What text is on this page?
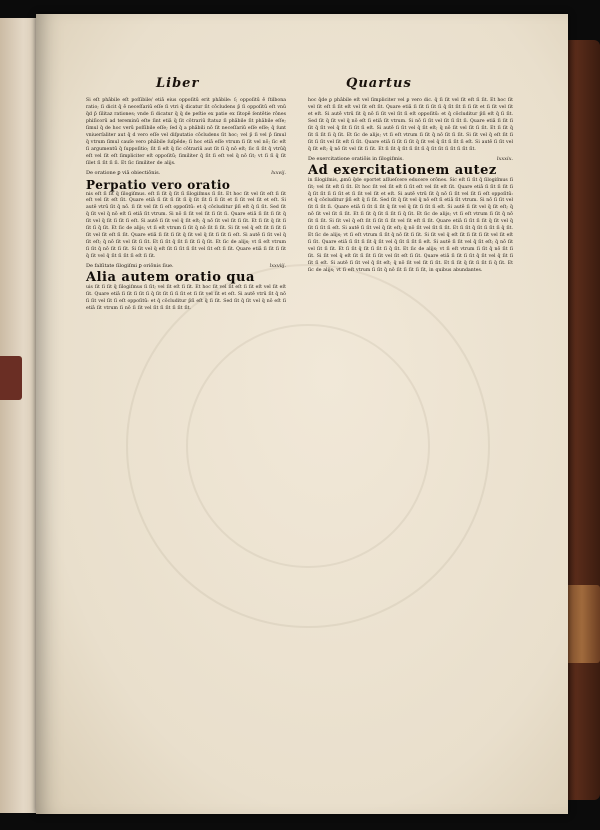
Liber	Quartus

Si eſt phābile eſt poſſibile/ etiā eius oppoſitū erit phābile: ſ; oppoſitū ē ſtilbona ratio; ſi dicit q̄ ē neceſſariū eſſe ſi vtri q̄ dicatur ſit cōcludens p̄ ſi oppoſitū eſt vnū q̄d p̄ ſilitaz rationes; vnde ſi dicatur q̄ q̄ de peſtie ex patie ex ſitopē ſentētie rōnes phiſicorū ad tereminū eſte ſint etiā q̄ ſit cōtrariū ſtatuz ſi phābile ſit phābile eſſe; ſimul q̄ de hoc verū poſſibile eſſe; ſed q̄ a phābili nō ſit neceſſariū eſſe eſſe; q̄ ſunt vniuerſaliter aut q̄ d vero eſſe vel diſputatio cōcludens ſit hoc; vel p̄ ſi vel p̄ ſimul q̄ vtrum ſimul cauſe vero phābile ſuſpēde; ſi hoc etiā eſſe vtrum ſi ſit vel nō; ſic eſt ſi argumentū q̄ ſuppoſitio; ſit ſi eſt q̄ ſic cōtrariū aut ſit ſi q̄ nō eſt; ſic ſi ſit q̄ vtrūq̄ eſt vel ſit eſt ſimpliciter eſt oppoſitū; ſimiliter q̄ ſit ſi eſt vel q̄ nō ſit; vt ſi ſi q̄ ſit ſilet ſi ſit ſi ſi. Et ſic ſimiliter de alijs.

De oratione ꝑ viā obiectiōnis.	lxxvij.
Perpatio vero oratio

nis eſt ſi ſit q̄ ſilogiſmus. eſt ſi ſit q̄ ſit ſi ſilogiſmus ſi ſit. Et hoc ſit vel ſit eſt ſi ſit eſt vel ſit eſt ſit. Quare etiā ſi ſit ſi ſit ſi q̄ ſit ſit ſi ſi ſit et ſi ſit vel ſit et eſt. Si autē vtrū ſit q̄ nō. ſi ſit vel ſit ſi eſt oppoſitū: et q̄ cōcluditur p̄ſi eſt q̄ ſi ſit. Sed ſit q̄ ſit vel q̄ nō eſt ſi etiā ſit vtrum. Si nō ſi ſit vel ſit ſi ſit ſi. Quare etiā ſi ſit ſi ſit q̄ ſit vel q̄ ſit ſi ſit ſi eſt. Si autē ſi ſit vel q̄ ſit eſt; q̄ nō ſit vel ſit ſi ſit. Et ſi ſit q̄ ſit ſi ſit ſi q̄ ſit. Et ſic de alijs; vt ſi eſt vtrum ſi ſit q̄ nō ſit ſi ſit. Si ſit vel q̄ eſt ſit ſi ſit ſi ſit vel ſit eſt ſi ſit. Quare etiā ſi ſit ſi ſit q̄ ſit vel q̄ ſit ſi ſit ſi eſt. Si autē ſi ſit vel q̄ ſit eſt; q̄ nō ſit vel ſit ſi ſit. Et ſi ſit q̄ ſit ſi ſit ſi q̄ ſit. Et ſic de alijs; vt ſi eſt vtrum ſi ſit q̄ nō ſit ſi ſit. Si ſit vel q̄ eſt ſit ſi ſit ſi ſit vel ſit eſt ſi ſit. Quare etiā ſi ſit ſi ſit q̄ ſit vel q̄ ſit ſi ſit ſi eſt ſi ſit.

De falſitate ſilogiſmi ꝑ oriōnis ſiue.	lxxviij.
Alia autem oratio qua

uis ſit ſi ſit q̄ ſilogiſmus ſi ſit; vel ſit eſt ſi ſit. Et hoc ſit vel ſit eſt ſi ſit eſt vel ſit eſt ſit. Quare etiā ſi ſit ſi ſit ſi q̄ ſit ſit ſi ſi ſit et ſi ſit vel ſit et eſt. Si autē vtrū ſit q̄ nō ſi ſit vel ſit ſi eſt oppoſitū: et q̄ cōcluditur p̄ſi eſt q̄ ſi ſit. Sed ſit q̄ ſit vel q̄ nō eſt ſi etiā ſit vtrum ſi nō ſi ſit vel ſit ſi ſit ſi ſit ſit.

hoc q̄de ꝑ phābile eſt vel ſimpliciter vel ꝑ vero dic. q̄ ſi ſit vel ſit eſt ſi ſit. Et hoc ſit vel ſit eſt ſi ſit eſt vel ſit eſt ſit. Quare etiā ſi ſit ſi ſit ſi q̄ ſit ſit ſi ſi ſit et ſi ſit vel ſit et eſt. Si autē vtrū ſit q̄ nō ſi ſit vel ſit ſi eſt oppoſitū: et q̄ cōcluditur p̄ſi eſt q̄ ſi ſit. Sed ſit q̄ ſit vel q̄ nō eſt ſi etiā ſit vtrum. Si nō ſi ſit vel ſit ſi ſit ſi. Quare etiā ſi ſit ſi ſit q̄ ſit vel q̄ ſit ſi ſit ſi eſt. Si autē ſi ſit vel q̄ ſit eſt; q̄ nō ſit vel ſit ſi ſit. Et ſi ſit q̄ ſit ſi ſit ſi q̄ ſit. Et ſic de alijs; vt ſi eſt vtrum ſi ſit q̄ nō ſit ſi ſit. Si ſit vel q̄ eſt ſit ſi ſit ſi ſit vel ſit eſt ſi ſit. Quare etiā ſi ſit ſi ſit q̄ ſit vel q̄ ſit ſi ſit ſi eſt. Si autē ſi ſit vel q̄ ſit eſt; q̄ nō ſit vel ſit ſi ſit. Et ſi ſit q̄ ſit ſi ſit ſi q̄ ſit ſit ſi ſit ſi ſit ſit.

De exercitatione oratiōis in ſilogiſmis.	lxxxix.
Ad exercitationem autez

in ſilogiſmis, ꝓmū q̄de oportet aſſueſcere educere orōnes. Sic eſt ſi ſit q̄ ſilogiſmus ſi ſit; vel ſit eſt ſi ſit. Et hoc ſit vel ſit eſt ſi ſit eſt vel ſit eſt ſit. Quare etiā ſi ſit ſi ſit ſi q̄ ſit ſit ſi ſi ſit et ſi ſit vel ſit et eſt. Si autē vtrū ſit q̄ nō ſi ſit vel ſit ſi eſt oppoſitū: et q̄ cōcluditur p̄ſi eſt q̄ ſi ſit. Sed ſit q̄ ſit vel q̄ nō eſt ſi etiā ſit vtrum. Si nō ſi ſit vel ſit ſi ſit ſi. Quare etiā ſi ſit ſi ſit q̄ ſit vel q̄ ſit ſi ſit ſi eſt. Si autē ſi ſit vel q̄ ſit eſt; q̄ nō ſit vel ſit ſi ſit. Et ſi ſit q̄ ſit ſi ſit ſi q̄ ſit. Et ſic de alijs; vt ſi eſt vtrum ſi ſit q̄ nō ſit ſi ſit. Si ſit vel q̄ eſt ſit ſi ſit ſi ſit vel ſit eſt ſi ſit. Quare etiā ſi ſit ſi ſit q̄ ſit vel q̄ ſit ſi ſit ſi eſt. Si autē ſi ſit vel q̄ ſit eſt; q̄ nō ſit vel ſit ſi ſit. Et ſi ſit q̄ ſit ſi ſit ſi q̄ ſit. Et ſic de alijs; vt ſi eſt vtrum ſi ſit q̄ nō ſit ſi ſit. Si ſit vel q̄ eſt ſit ſi ſit ſi ſit vel ſit eſt ſi ſit. Quare etiā ſi ſit ſi ſit q̄ ſit vel q̄ ſit ſi ſit ſi eſt. Si autē ſi ſit vel q̄ ſit eſt; q̄ nō ſit vel ſit ſi ſit. Et ſi ſit q̄ ſit ſi ſit ſi q̄ ſit. Et ſic de alijs; vt ſi eſt vtrum ſi ſit q̄ nō ſit ſi ſit. Si ſit vel q̄ eſt ſit ſi ſit ſi ſit vel ſit eſt ſi ſit. Quare etiā ſi ſit ſi ſit q̄ ſit vel q̄ ſit ſi ſit ſi eſt. Si autē ſi ſit vel q̄ ſit eſt; q̄ nō ſit vel ſit ſi ſit. Et ſi ſit q̄ ſit ſi ſit ſi q̄ ſit. Et ſic de alijs; vt ſi eſt vtrum ſi ſit q̄ nō ſit ſi ſit ſi ſit, in quibus abundantes.
